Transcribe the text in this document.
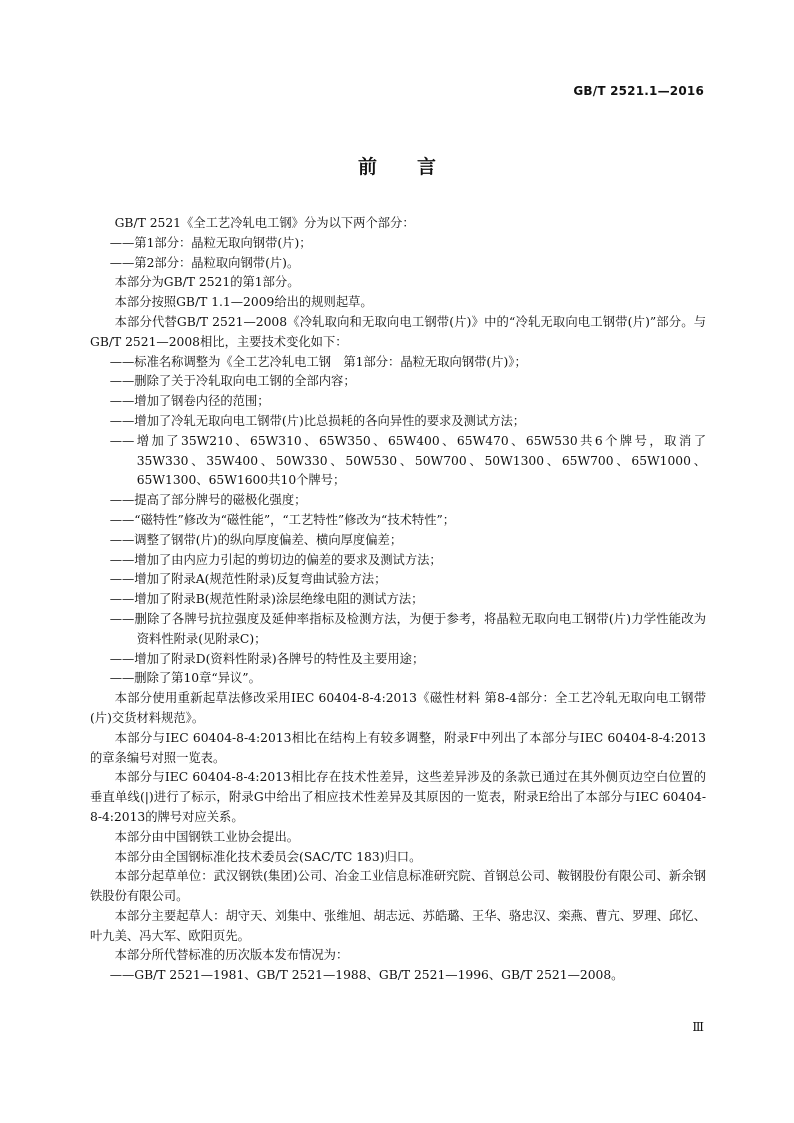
GB/T 2521.1—2016
前 言

GB/T 2521《全工艺冷轧电工钢》分为以下两个部分：

——第1部分：晶粒无取向钢带(片)；

——第2部分：晶粒取向钢带(片)。

本部分为GB/T 2521的第1部分。

本部分按照GB/T 1.1—2009给出的规则起草。

本部分代替GB/T 2521—2008《冷轧取向和无取向电工钢带(片)》中的“冷轧无取向电工钢带(片)”部分。与GB/T 2521—2008相比，主要技术变化如下：

——标准名称调整为《全工艺冷轧电工钢　第1部分：晶粒无取向钢带(片)》；

——删除了关于冷轧取向电工钢的全部内容；

——增加了钢卷内径的范围；

——增加了冷轧无取向电工钢带(片)比总损耗的各向异性的要求及测试方法；

——增加了35W210、65W310、65W350、65W400、65W470、65W530共6个牌号，取消了35W330、35W400、50W330、50W530、50W700、50W1300、65W700、65W1000、65W1300、65W1600共10个牌号；

——提高了部分牌号的磁极化强度；

——“磁特性”修改为“磁性能”，“工艺特性”修改为“技术特性”；

——调整了钢带(片)的纵向厚度偏差、横向厚度偏差；

——增加了由内应力引起的剪切边的偏差的要求及测试方法；

——增加了附录A(规范性附录)反复弯曲试验方法；

——增加了附录B(规范性附录)涂层绝缘电阻的测试方法；

——删除了各牌号抗拉强度及延伸率指标及检测方法，为便于参考，将晶粒无取向电工钢带(片)力学性能改为资料性附录(见附录C)；

——增加了附录D(资料性附录)各牌号的特性及主要用途；

——删除了第10章“异议”。

本部分使用重新起草法修改采用IEC 60404-8-4:2013《磁性材料 第8-4部分：全工艺冷轧无取向电工钢带(片)交货材料规范》。

本部分与IEC 60404-8-4:2013相比在结构上有较多调整，附录F中列出了本部分与IEC 60404-8-4:2013的章条编号对照一览表。

本部分与IEC 60404-8-4:2013相比存在技术性差异，这些差异涉及的条款已通过在其外侧页边空白位置的垂直单线(|)进行了标示，附录G中给出了相应技术性差异及其原因的一览表，附录E给出了本部分与IEC 60404-8-4:2013的牌号对应关系。

本部分由中国钢铁工业协会提出。

本部分由全国钢标准化技术委员会(SAC/TC 183)归口。

本部分起草单位：武汉钢铁(集团)公司、冶金工业信息标准研究院、首钢总公司、鞍钢股份有限公司、新余钢铁股份有限公司。

本部分主要起草人：胡守天、刘集中、张维旭、胡志远、苏皓璐、王华、骆忠汉、栾燕、曹亢、罗理、邱忆、叶九美、冯大军、欧阳页先。

本部分所代替标准的历次版本发布情况为：

——GB/T 2521—1981、GB/T 2521—1988、GB/T 2521—1996、GB/T 2521—2008。

Ⅲ
